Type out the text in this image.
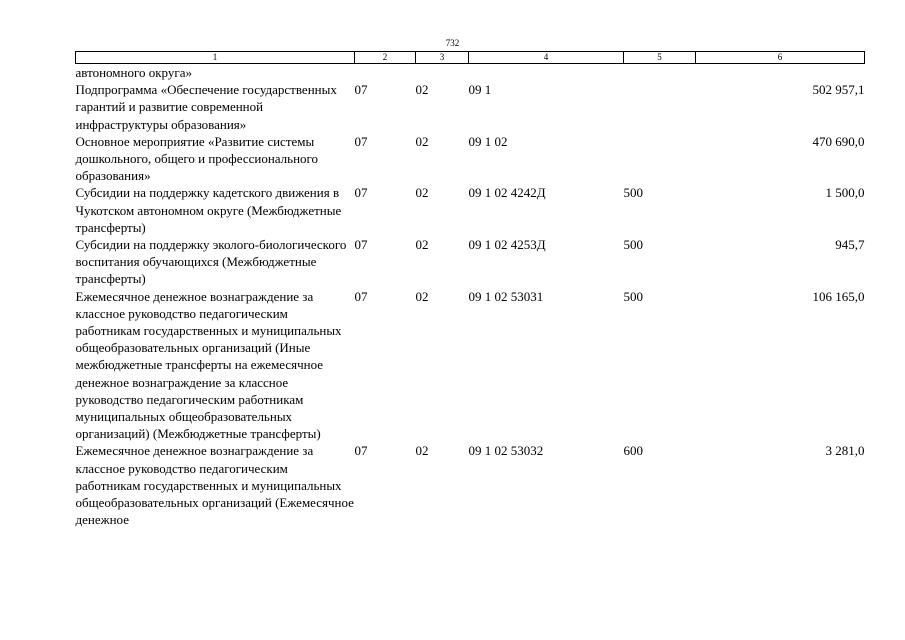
732
1	2	3	4	5	6
автономного округа»					
Подпрограмма «Обеспечение государственных гарантий и развитие современной инфраструктуры образования»	07	02	09 1		502 957,1
Основное мероприятие «Развитие системы дошкольного, общего и профессионального образования»	07	02	09 1 02		470 690,0
Субсидии на поддержку кадетского движения в Чукотском автономном округе (Межбюджетные трансферты)	07	02	09 1 02 4242Д	500	1 500,0
Субсидии на поддержку эколого-биологического воспитания обучающихся (Межбюджетные трансферты)	07	02	09 1 02 4253Д	500	945,7
Ежемесячное денежное вознаграждение за классное руководство педагогическим работникам государственных и муниципальных общеобразовательных организаций (Иные межбюджетные трансферты на ежемесячное денежное вознаграждение за классное руководство педагогическим работникам муниципальных общеобразовательных организаций) (Межбюджетные трансферты)	07	02	09 1 02 53031	500	106 165,0
Ежемесячное денежное вознаграждение за классное руководство педагогическим работникам государственных и муниципальных общеобразовательных организаций (Ежемесячное денежное	07	02	09 1 02 53032	600	3 281,0
